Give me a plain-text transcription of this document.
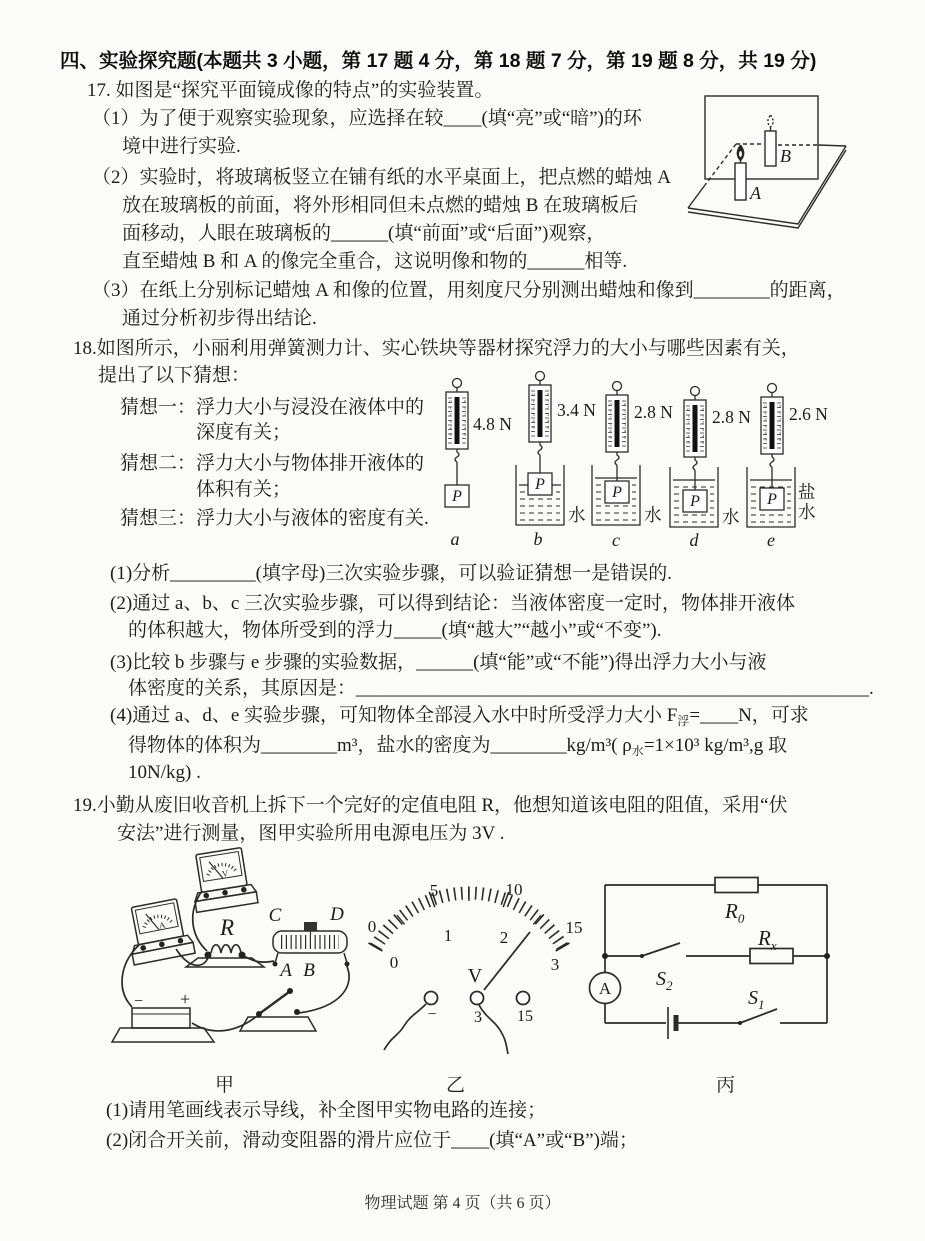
四、实验探究题(本题共 3 小题，第 17 题 4 分，第 18 题 7 分，第 19 题 8 分，共 19 分)
17. 如图是“探究平面镜成像的特点”的实验装置。
（1）为了便于观察实验现象，应选择在较____(填“亮”或“暗”)的环
境中进行实验.
（2）实验时，将玻璃板竖立在铺有纸的水平桌面上，把点燃的蜡烛 A
放在玻璃板的前面，将外形相同但未点燃的蜡烛 B 在玻璃板后
面移动，人眼在玻璃板的______(填“前面”或“后面”)观察，
直至蜡烛 B 和 A 的像完全重合，这说明像和物的______相等.
（3）在纸上分别标记蜡烛 A 和像的位置，用刻度尺分别测出蜡烛和像到________的距离，
通过分析初步得出结论.
A
B
18.如图所示，小丽利用弹簧测力计、实心铁块等器材探究浮力的大小与哪些因素有关，
提出了以下猜想：
猜想一：浮力大小与浸没在液体中的
深度有关；
猜想二：浮力大小与物体排开液体的
体积有关；
猜想三：浮力大小与液体的密度有关.
012345 012345
P
012345 012345
P
012345 012345
P
012345 012345
P
012345 012345
P
4.8 N
3.4 N 2.8 N 2.8 N 2.6 N
水	水	水
盐
水
a	b	c	d	e
(1)分析_________(填字母)三次实验步骤，可以验证猜想一是错误的.
(2)通过 a、b、c 三次实验步骤，可以得到结论：当液体密度一定时，物体排开液体
的体积越大，物体所受到的浮力_____(填“越大”“越小”或“不变”).
(3)比较 b 步骤与 e 步骤的实验数据，______(填“能”或“不能”)得出浮力大小与液
体密度的关系，其原因是：______________________________________________________.
(4)通过 a、d、e 实验步骤，可知物体全部浸入水中时所受浮力大小 $F_浮=\_\_\_\_N$，可求
得物体的体积为________m³，盐水的密度为________kg/m³( $\rho_水=1\times 10^3$ kg/m³,g 取
10N/kg) .
19.小勤从废旧收音机上拆下一个完好的定值电阻 R，他想知道该电阻的阻值，采用“伏
安法”进行测量，图甲实验所用电源电压为 3V .
V
A R C	D
A B
− +
0
5	10
15
0
1	2
3
V
− 3 15
$R_0$
$R_x$
$S_2$
$S_1$
A
甲	乙	丙
(1)请用笔画线表示导线，补全图甲实物电路的连接；
(2)闭合开关前，滑动变阻器的滑片应位于____(填“A”或“B”)端；
物理试题 第 4 页（共 6 页）
